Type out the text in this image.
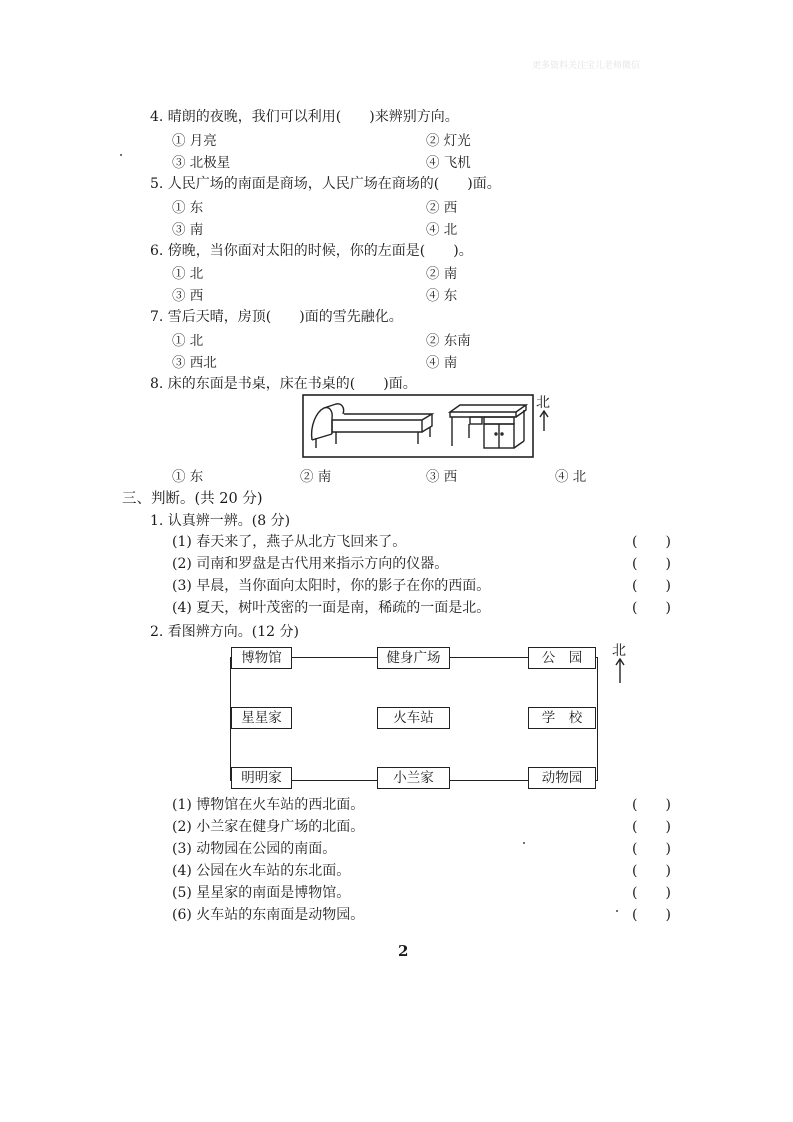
更多资料关注宝儿老师微信
4. 晴朗的夜晚，我们可以利用(　　)来辨别方向。
① 月亮	② 灯光
③ 北极星	④ 飞机
5. 人民广场的南面是商场，人民广场在商场的(　　)面。
① 东	② 西
③ 南	④ 北
6. 傍晚，当你面对太阳的时候，你的左面是(　　)。
① 北	② 南
③ 西	④ 东
7. 雪后天晴，房顶(　　)面的雪先融化。
① 北	② 东南
③ 西北	④ 南
8. 床的东面是书桌，床在书桌的(　　)面。
北
① 东	② 南	③ 西	④ 北
三、判断。(共 20 分)
1. 认真辨一辨。(8 分)
(1) 春天来了，燕子从北方飞回来了。	(　　)
(2) 司南和罗盘是古代用来指示方向的仪器。	(　　)
(3) 早晨，当你面向太阳时，你的影子在你的西面。	(　　)
(4) 夏天，树叶茂密的一面是南，稀疏的一面是北。	(　　)
2. 看图辨方向。(12 分)
博物馆	健身广场	公　园
星星家	火车站	学　校
明明家	小兰家	动物园
北
(1) 博物馆在火车站的西北面。	(　　)
(2) 小兰家在健身广场的北面。	(　　)
(3) 动物园在公园的南面。	(　　)
(4) 公园在火车站的东北面。	(　　)
(5) 星星家的南面是博物馆。	(　　)
(6) 火车站的东南面是动物园。	(　　)
2
